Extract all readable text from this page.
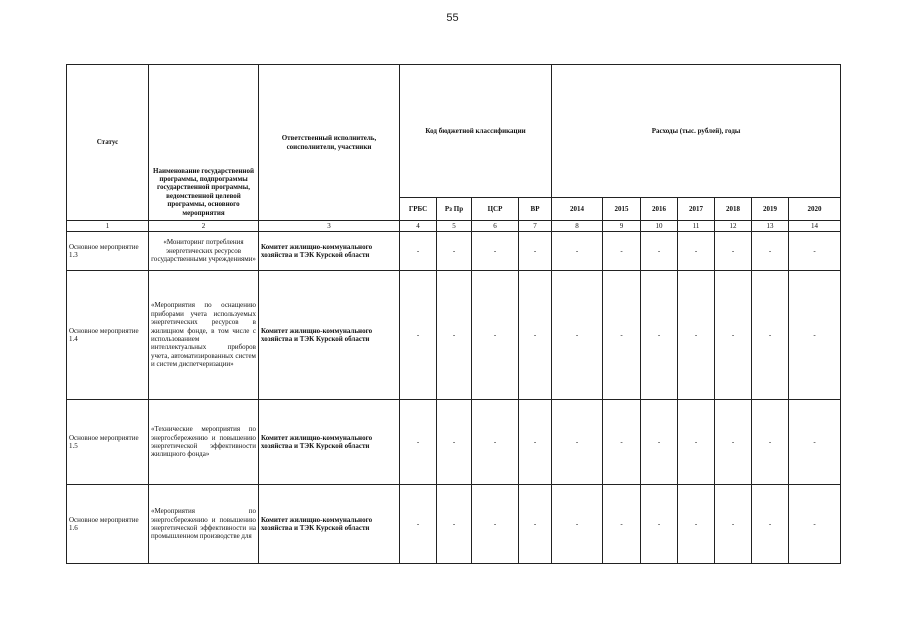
55
Статус	Наименование государственной программы, подпрограммы государственной программы, ведомственной целевой программы, основного мероприятия	Ответственный исполнитель, соисполнители, участники	Код бюджетной классификации				Расходы (тыс. рублей), годы						
			ГРБС	Рз Пр	ЦСР	ВР	2014	2015	2016	2017	2018	2019	2020
1	2	3	4	5	6	7	8	9	10	11	12	13	14
Основное мероприятие 1.3	«Мониторинг потребления энергетических ресурсов государственными учреждениями»	Комитет жилищно-коммунального хозяйства и ТЭК Курской области	-	-	-	-	-	-	-	-	-	-	-
Основное мероприятие 1.4	«Мероприятия по оснащению приборами учета используемых энергетических ресурсов в жилищном фонде, в том числе с использованием интеллектуальных приборов учета, автоматизированных систем и систем диспетчеризации»	Комитет жилищно-коммунального хозяйства и ТЭК Курской области	-	-	-	-	-	-	-	-	-	-	-
Основное мероприятие 1.5	«Технические мероприятия по энергосбережению и повышению энергетической эффективности жилищного фонда»	Комитет жилищно-коммунального хозяйства и ТЭК Курской области	-	-	-	-	-	-	-	-	-	-	-
Основное мероприятие 1.6	«Мероприятия по энергосбережению и повышению энергетической эффективности на промышленном производстве для	Комитет жилищно-коммунального хозяйства и ТЭК Курской области	-	-	-	-	-	-	-	-	-	-	-
